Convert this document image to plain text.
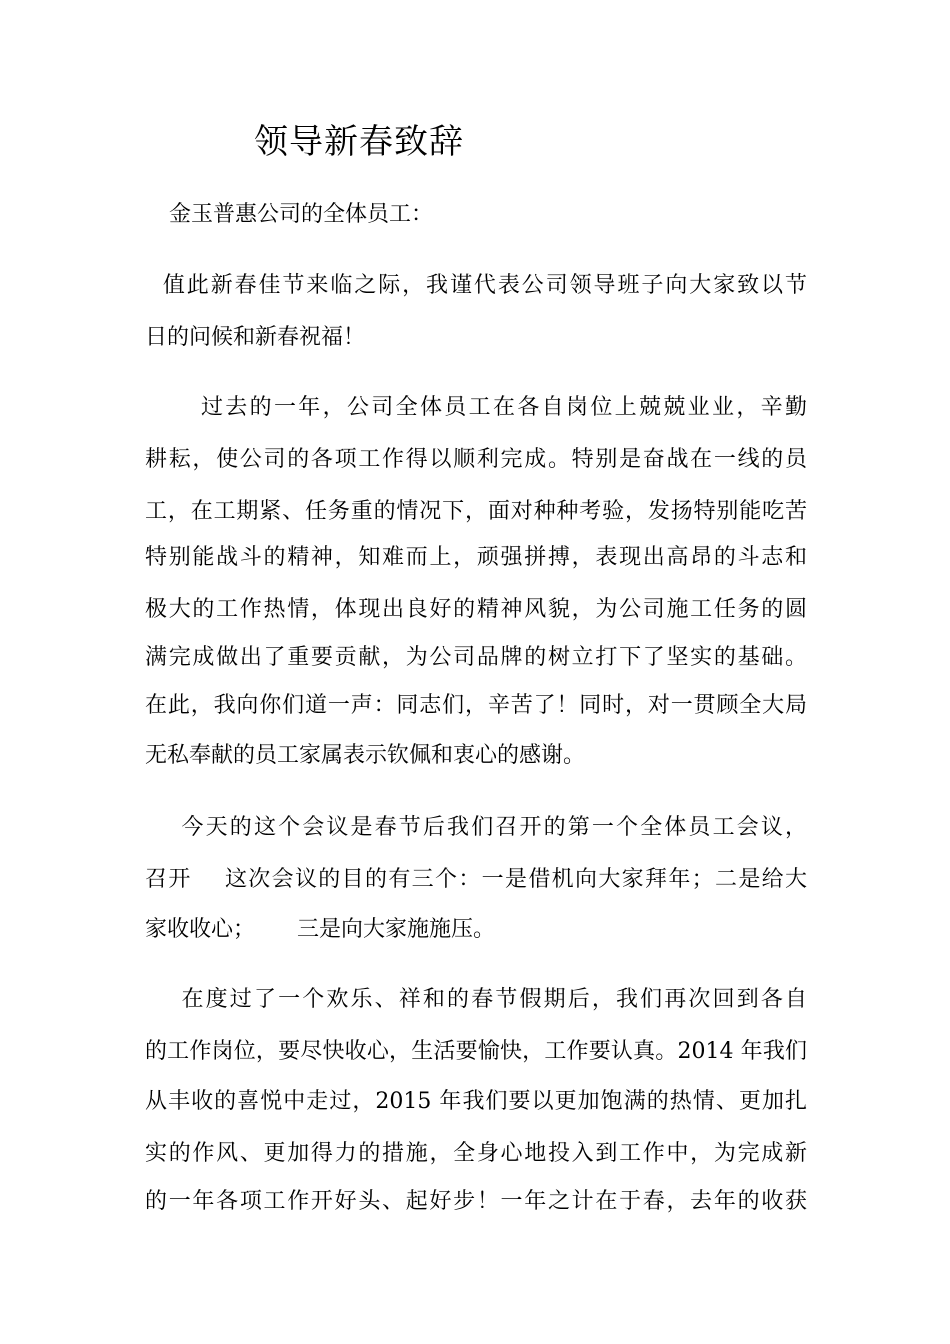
领导新春致辞
金玉普惠公司的全体员工：
值此新春佳节来临之际，我谨代表公司领导班子向大家致以节
日的问候和新春祝福！
过去的一年，公司全体员工在各自岗位上兢兢业业，辛勤
耕耘，使公司的各项工作得以顺利完成。特别是奋战在一线的员
工，在工期紧、任务重的情况下，面对种种考验，发扬特别能吃苦
特别能战斗的精神，知难而上，顽强拼搏，表现出高昂的斗志和
极大的工作热情，体现出良好的精神风貌，为公司施工任务的圆
满完成做出了重要贡献，为公司品牌的树立打下了坚实的基础。
在此，我向你们道一声：同志们，辛苦了！同时，对一贯顾全大局
无私奉献的员工家属表示钦佩和衷心的感谢。
今天的这个会议是春节后我们召开的第一个全体员工会议，
召开    这次会议的目的有三个：一是借机向大家拜年；二是给大
家收收心；      三是向大家施施压。
在度过了一个欢乐、祥和的春节假期后，我们再次回到各自
的工作岗位，要尽快收心，生活要愉快，工作要认真。2014 年我们
从丰收的喜悦中走过，2015 年我们要以更加饱满的热情、更加扎
实的作风、更加得力的措施，全身心地投入到工作中，为完成新
的一年各项工作开好头、起好步！一年之计在于春，去年的收获
